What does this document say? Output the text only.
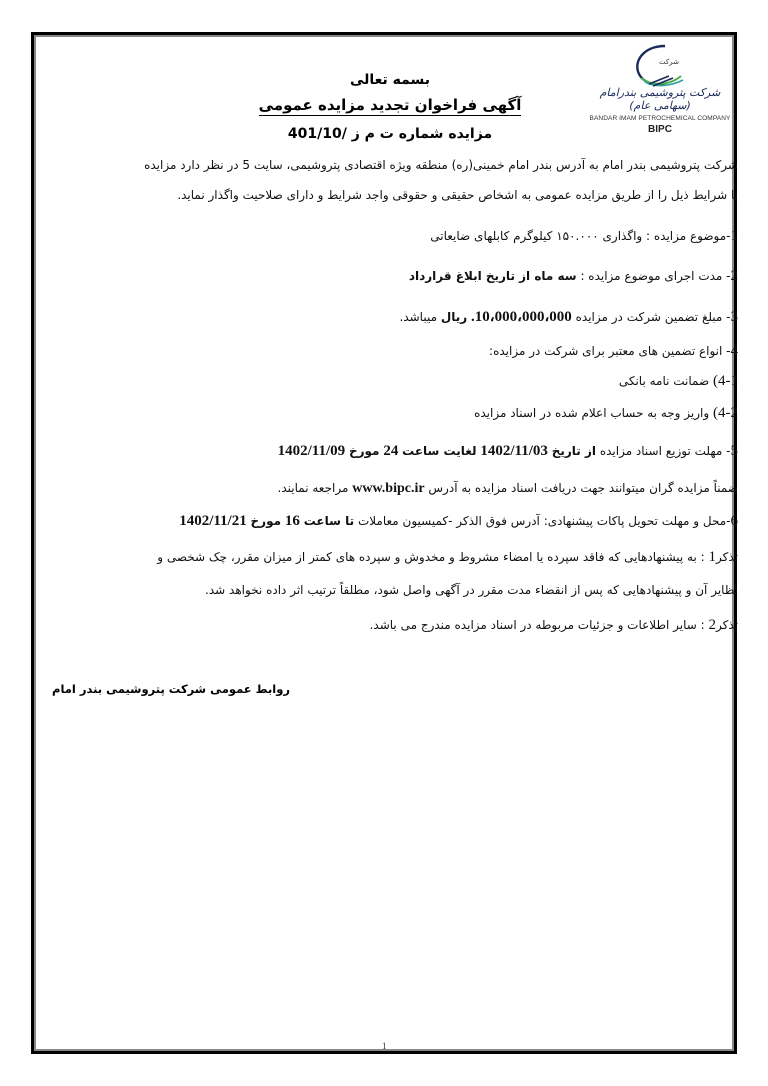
شرکت
شرکت پتروشیمی بندرامام (سهامی عام)
BANDAR IMAM PETROCHEMICAL COMPANY
BIPC
بسمه تعالی
آگهی فراخوان تجدید مزایده عمومی
مزایده شماره ت م ز /401/10
شرکت پتروشیمی بندر امام به آدرس بندر امام خمینی(ره) منطقه ویژه اقتصادی پتروشیمی، سایت 5 در نظر دارد مزایده
با شرایط ذیل را از طریق مزایده عمومی به اشخاص حقیقی و حقوقی واجد شرایط و دارای صلاحیت واگذار نماید.
1-موضوع مزایده : واگذاری ۱۵۰.۰۰۰ کیلوگرم کابلهای ضایعاتی
2- مدت اجرای موضوع مزایده : سه ماه از تاریخ ابلاغ قرارداد
3- مبلغ تضمین شرکت در مزایده 10،000،000،000. ریال میباشد.
4- انواع تضمین های معتبر برای شرکت در مزایده:
4-1) ضمانت نامه بانکی
4-2) واریز وجه به حساب اعلام شده در اسناد مزایده
5- مهلت توزیع اسناد مزایده از تاریخ 1402/11/03 لغایت ساعت 24 مورخ 1402/11/09
ضمناً مزایده گران میتوانند جهت دریافت اسناد مزایده به آدرس www.bipc.ir مراجعه نمایند.
6-محل و مهلت تحویل پاکات پیشنهادی: آدرس فوق الذکر -کمیسیون معاملات تا ساعت 16 مورخ 1402/11/21
تذکر1 : به پیشنهادهایی که فاقد سپرده یا امضاء مشروط و مخدوش و سپرده های کمتر از میزان مقرر، چک شخصی و
نظایر آن و پیشنهادهایی که پس از انقضاء مدت مقرر در آگهی واصل شود، مطلقاً ترتیب اثر داده نخواهد شد.
تذکر2 : سایر اطلاعات و جزئیات مربوطه در اسناد مزایده مندرج می باشد.
روابط عمومی شرکت پتروشیمی بندر امام
1
